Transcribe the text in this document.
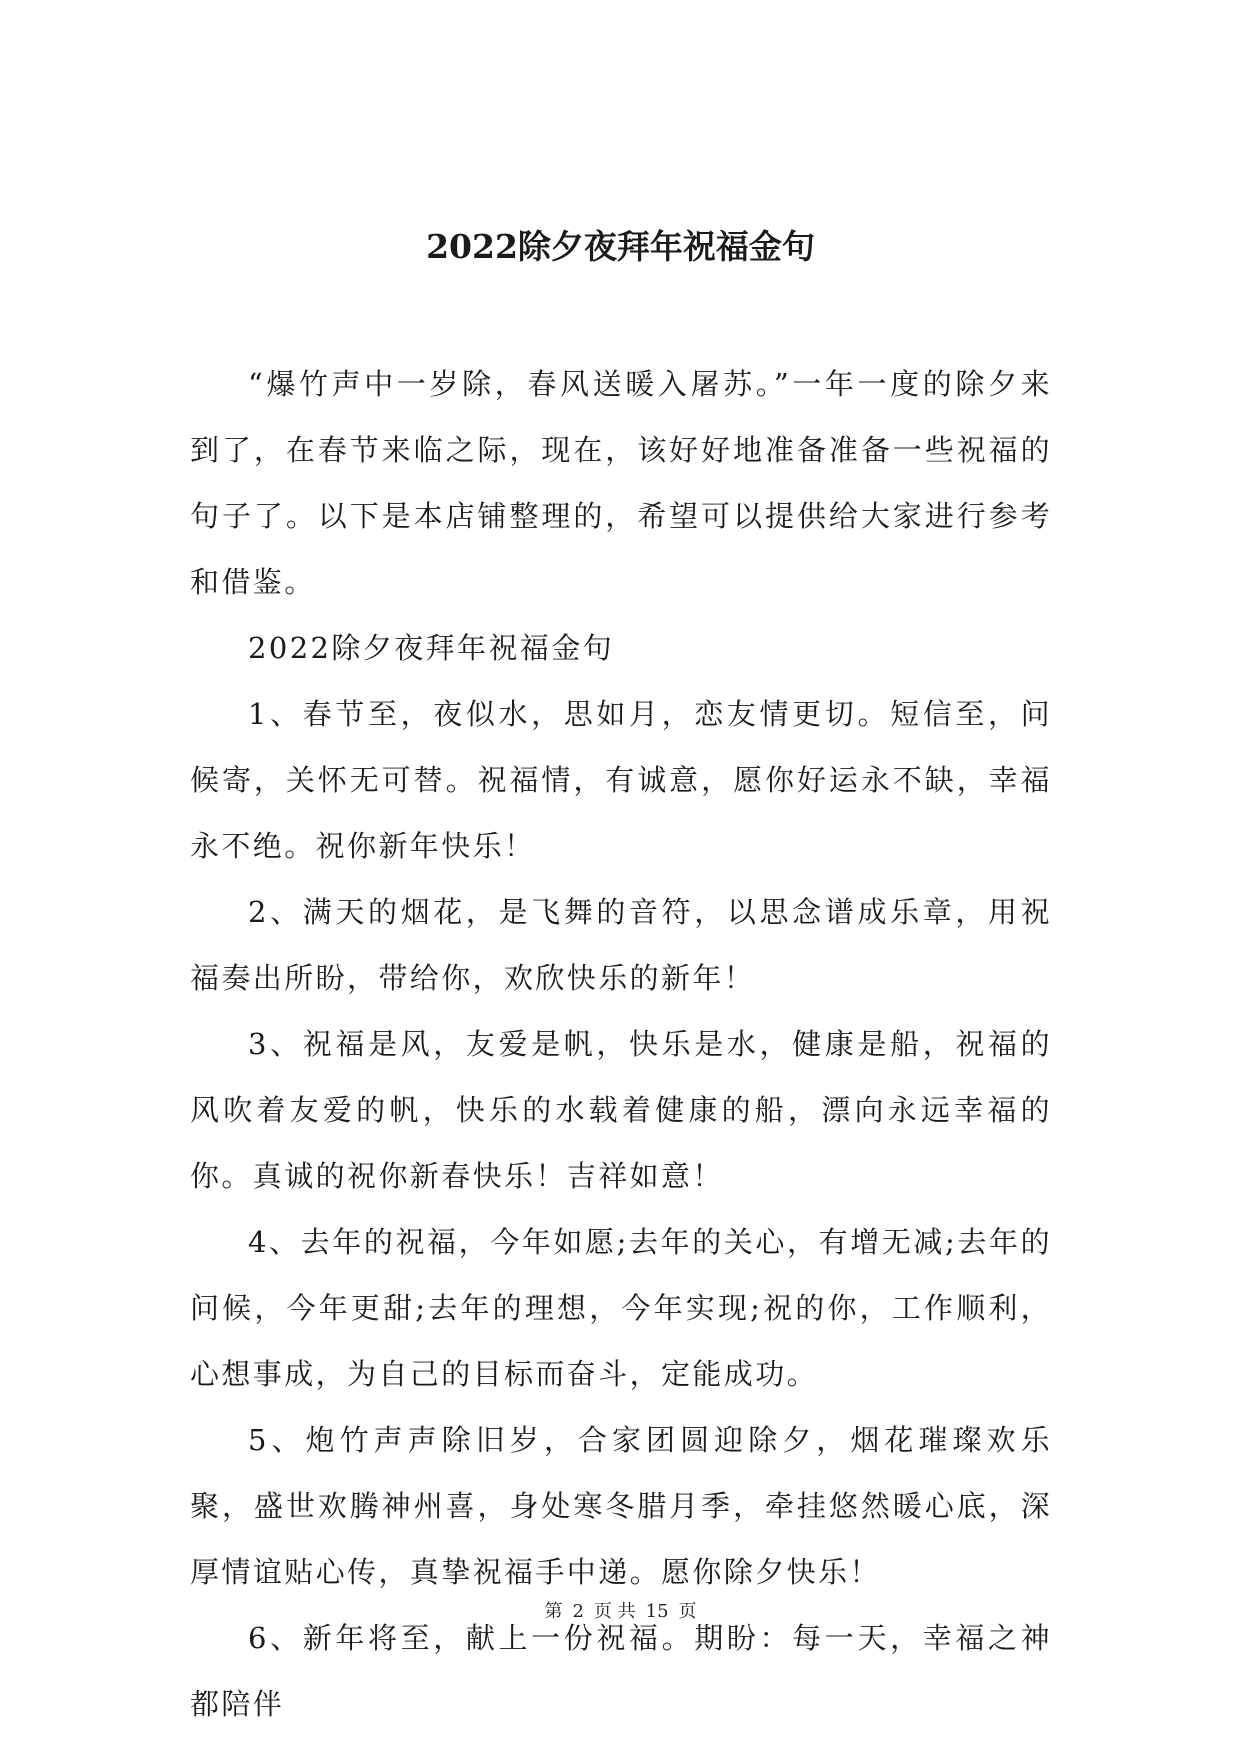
2022除夕夜拜年祝福金句

“爆竹声中一岁除，春风送暖入屠苏。”一年一度的除夕来到了，在春节来临之际，现在，该好好地准备准备一些祝福的句子了。以下是本店铺整理的，希望可以提供给大家进行参考和借鉴。

2022除夕夜拜年祝福金句

1、春节至，夜似水，思如月，恋友情更切。短信至，问候寄，关怀无可替。祝福情，有诚意，愿你好运永不缺，幸福永不绝。祝你新年快乐！

2、满天的烟花，是飞舞的音符，以思念谱成乐章，用祝福奏出所盼，带给你，欢欣快乐的新年！

3、祝福是风，友爱是帆，快乐是水，健康是船，祝福的风吹着友爱的帆，快乐的水载着健康的船，漂向永远幸福的你。真诚的祝你新春快乐！吉祥如意！

4、去年的祝福，今年如愿;去年的关心，有增无减;去年的问候，今年更甜;去年的理想，今年实现;祝的你，工作顺利，心想事成，为自己的目标而奋斗，定能成功。

5、炮竹声声除旧岁，合家团圆迎除夕，烟花璀璨欢乐聚，盛世欢腾神州喜，身处寒冬腊月季，牵挂悠然暖心底，深厚情谊贴心传，真挚祝福手中递。愿你除夕快乐！

6、新年将至，献上一份祝福。期盼：每一天，幸福之神都陪伴

第 2 页 共 15 页
